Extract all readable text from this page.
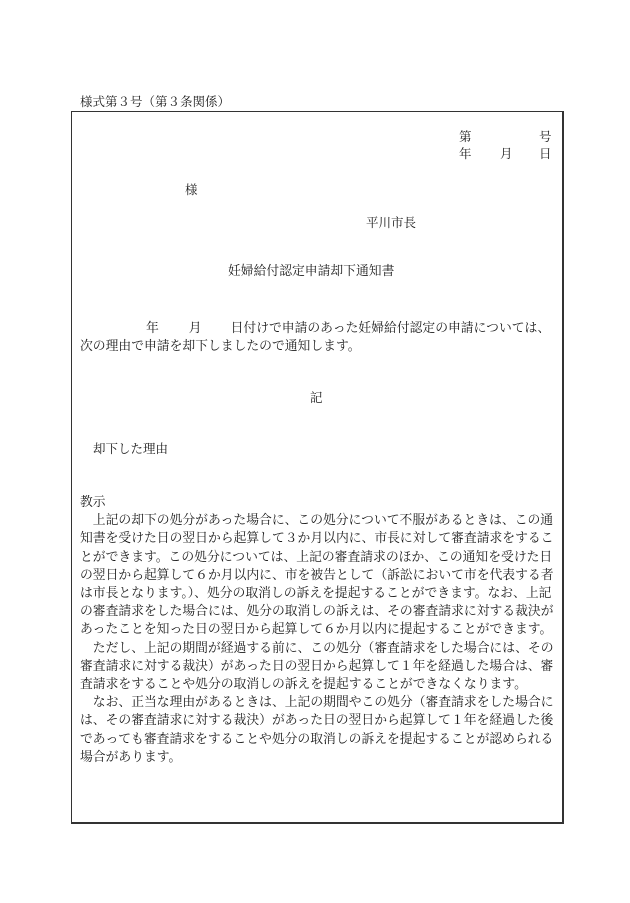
様式第３号（第３条関係）
第	号
年 月 日
様
平川市長
妊婦給付認定申請却下通知書
年 月 日付けで申請のあった妊婦給付認定の申請については、
次の理由で申請を却下しましたので通知します。
記
却下した理由

教示

上記の却下の処分があった場合に、この処分について不服があるときは、この通知書を受けた日の翌日から起算して３か月以内に、市長に対して審査請求をすることができます。この処分については、上記の審査請求のほか、この通知を受けた日の翌日から起算して６か月以内に、市を被告として（訴訟において市を代表する者は市長となります。）、処分の取消しの訴えを提起することができます。なお、上記の審査請求をした場合には、処分の取消しの訴えは、その審査請求に対する裁決があったことを知った日の翌日から起算して６か月以内に提起することができます。

ただし、上記の期間が経過する前に、この処分（審査請求をした場合には、その審査請求に対する裁決）があった日の翌日から起算して１年を経過した場合は、審査請求をすることや処分の取消しの訴えを提起することができなくなります。

なお、正当な理由があるときは、上記の期間やこの処分（審査請求をした場合には、その審査請求に対する裁決）があった日の翌日から起算して１年を経過した後であっても審査請求をすることや処分の取消しの訴えを提起することが認められる場合があります。
